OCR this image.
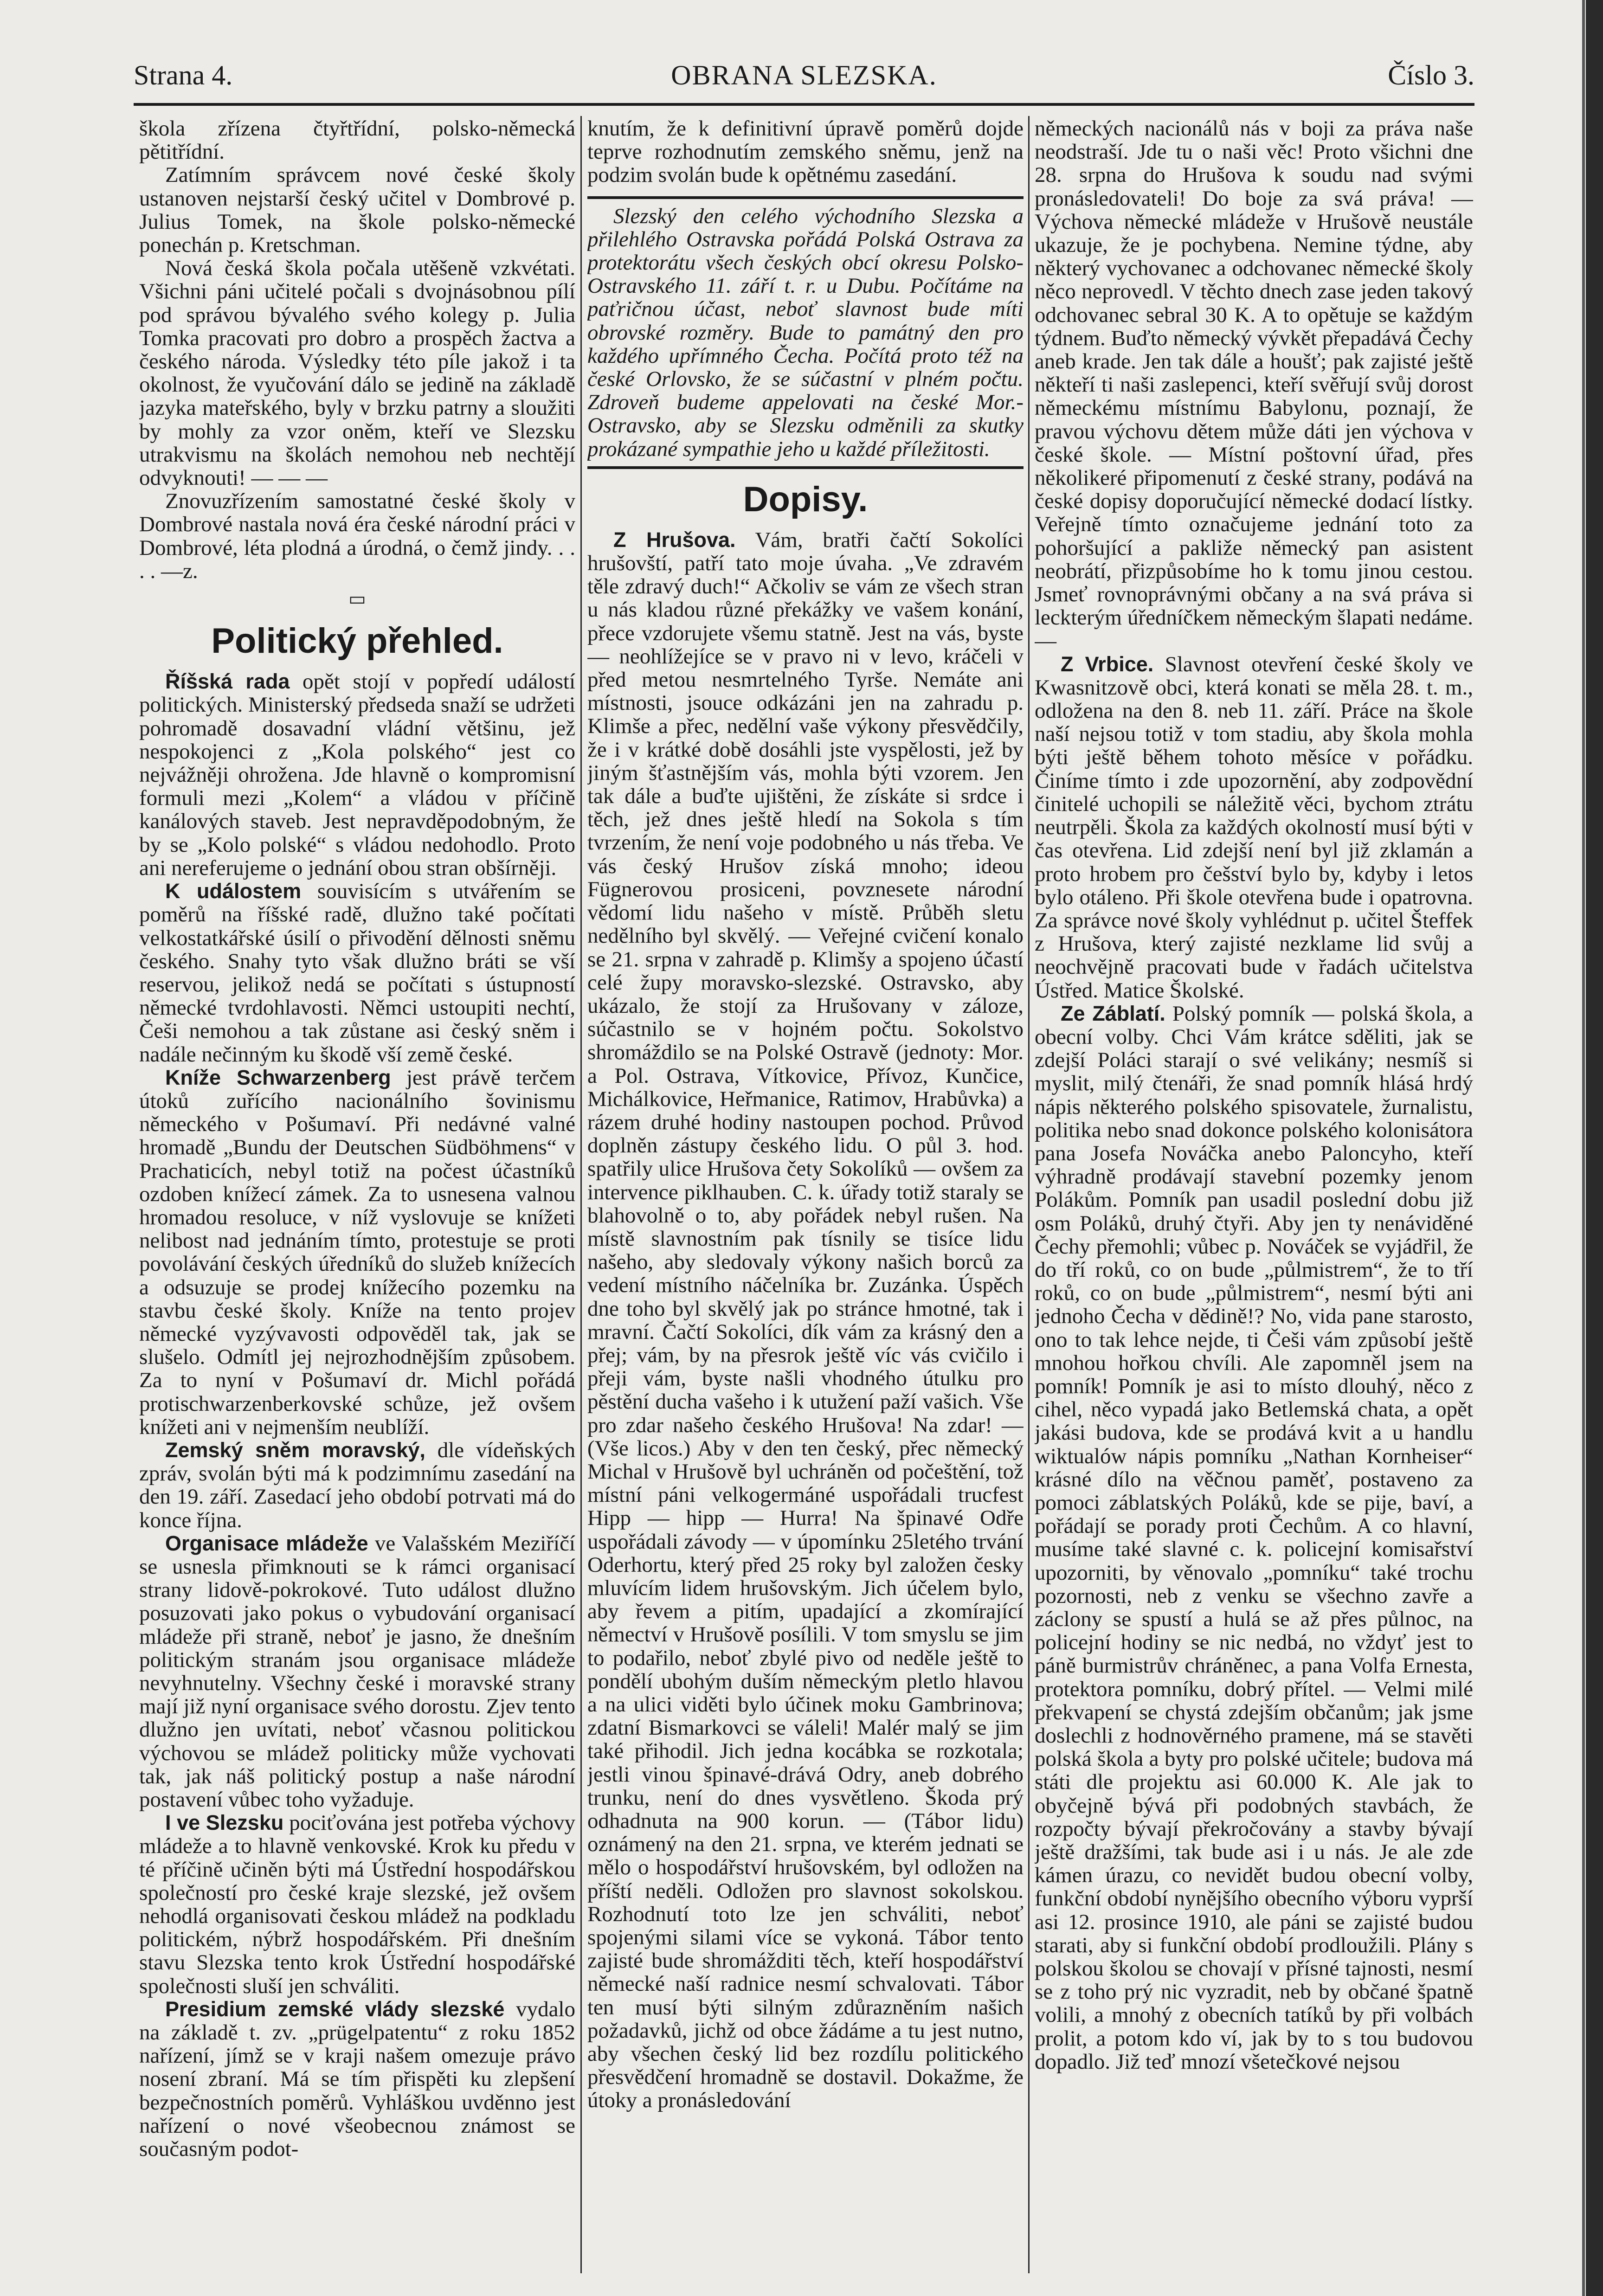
Strana 4.	OBRANA SLEZSKA.	Číslo 3.

škola zřízena čtyřtřídní, polsko-německá pětitřídní.

Zatímním správcem nové české školy ustanoven nejstarší český učitel v Dombrové p. Julius Tomek, na škole polsko-německé ponechán p. Kretschman.

Nová česká škola počala utěšeně vzkvétati. Všichni páni učitelé počali s dvojnásobnou pílí pod správou bývalého svého kolegy p. Julia Tomka pracovati pro dobro a prospěch žactva a českého národa. Výsledky této píle jakož i ta okolnost, že vyučování dálo se jedině na základě jazyka mateřského, byly v brzku patrny a sloužiti by mohly za vzor oněm, kteří ve Slezsku utrakvismu na školách nemohou neb nechtějí odvyknouti! — — —

Znovuzřízením samostatné české školy v Dombrové nastala nová éra české národní práci v Dombrové, léta plodná a úrodná, o čemž jindy. . . . . —z.

▭

Politický přehled.

Říšská rada opět stojí v popředí událostí politických. Ministerský předseda snaží se udržeti pohromadě dosavadní vládní většinu, jež nespokojenci z „Kola polského“ jest co nejvážněji ohrožena. Jde hlavně o kompromisní formuli mezi „Kolem“ a vládou v příčině kanálových staveb. Jest nepravděpodobným, že by se „Kolo polské“ s vládou nedohodlo. Proto ani nereferujeme o jednání obou stran obšírněji.

K událostem souvisícím s utvářením se poměrů na říšské radě, dlužno také počítati velkostatkářské úsilí o přivodění dělnosti sněmu českého. Snahy tyto však dlužno bráti se vší reservou, jelikož nedá se počítati s ústupností německé tvrdohlavosti. Němci ustoupiti nechtí, Češi nemohou a tak zůstane asi český sněm i nadále nečinným ku škodě vší země české.

Kníže Schwarzenberg jest právě terčem útoků zuřícího nacionálního šovinismu německého v Pošumaví. Při nedávné valné hromadě „Bundu der Deutschen Südböhmens“ v Prachaticích, nebyl totiž na počest účastníků ozdoben knížecí zámek. Za to usnesena valnou hromadou resoluce, v níž vyslovuje se knížeti nelibost nad jednáním tímto, protestuje se proti povolávání českých úředníků do služeb knížecích a odsuzuje se prodej knížecího pozemku na stavbu české školy. Kníže na tento projev německé vyzývavosti odpověděl tak, jak se slušelo. Odmítl jej nejrozhodnějším způsobem. Za to nyní v Pošumaví dr. Michl pořádá protischwarzenberkovské schůze, jež ovšem knížeti ani v nejmenším neublíží.

Zemský sněm moravský, dle vídeňských zpráv, svolán býti má k podzimnímu zasedání na den 19. září. Zasedací jeho období potrvati má do konce října.

Organisace mládeže ve Valašském Meziříčí se usnesla přimknouti se k rámci organisací strany lidově-pokrokové. Tuto událost dlužno posuzovati jako pokus o vybudování organisací mládeže při straně, neboť je jasno, že dnešním politickým stranám jsou organisace mládeže nevyhnutelny. Všechny české i moravské strany mají již nyní organisace svého dorostu. Zjev tento dlužno jen uvítati, neboť včasnou politickou výchovou se mládež politicky může vychovati tak, jak náš politický postup a naše národní postavení vůbec toho vyžaduje.

I ve Slezsku pociťována jest potřeba výchovy mládeže a to hlavně venkovské. Krok ku předu v té příčině učiněn býti má Ústřední hospodářskou společností pro české kraje slezské, jež ovšem nehodlá organisovati českou mládež na podkladu politickém, nýbrž hospodářském. Při dnešním stavu Slezska tento krok Ústřední hospodářské společnosti sluší jen schváliti.

Presidium zemské vlády slezské vydalo na základě t. zv. „prügelpatentu“ z roku 1852 nařízení, jímž se v kraji našem omezuje právo nosení zbraní. Má se tím přispěti ku zlepšení bezpečnostních poměrů. Vyhláškou uvděnno jest nařízení o nové všeobecnou známost se současným podot-

knutím, že k definitivní úpravě poměrů dojde teprve rozhodnutím zemského sněmu, jenž na podzim svolán bude k opětnému zasedání.

Slezský den celého východního Slezska a přilehlého Ostravska pořádá Polská Ostrava za protektorátu všech českých obcí okresu Polsko-Ostravského 11. září t. r. u Dubu. Počítáme na paťričnou účast, neboť slavnost bude míti obrovské rozměry. Bude to památný den pro každého upřímného Čecha. Počítá proto též na české Orlovsko, že se súčastní v plném počtu. Zdroveň budeme appelovati na české Mor.-Ostravsko, aby se Slezsku odměnili za skutky prokázané sympathie jeho u každé příležitosti.

Dopisy.

Z Hrušova. Vám, bratři čačtí Sokolíci hrušovští, patří tato moje úvaha. „Ve zdravém těle zdravý duch!“ Ačkoliv se vám ze všech stran u nás kladou různé překážky ve vašem konání, přece vzdorujete všemu statně. Jest na vás, byste — neohlížejíce se v pravo ni v levo, kráčeli v před metou nesmrtelného Tyrše. Nemáte ani místnosti, jsouce odkázáni jen na zahradu p. Klimše a přec, nedělní vaše výkony přesvědčily, že i v krátké době dosáhli jste vyspělosti, jež by jiným šťastnějším vás, mohla býti vzorem. Jen tak dále a buďte ujištěni, že získáte si srdce i těch, jež dnes ještě hledí na Sokola s tím tvrzením, že není voje podobného u nás třeba. Ve vás český Hrušov získá mnoho; ideou Fügnerovou prosiceni, povznesete národní vědomí lidu našeho v místě. Průběh sletu nedělního byl skvělý. — Veřejné cvičení konalo se 21. srpna v zahradě p. Klimšy a spojeno účastí celé župy moravsko-slezské. Ostravsko, aby ukázalo, že stojí za Hrušovany v záloze, súčastnilo se v hojném počtu. Sokolstvo shromáždilo se na Polské Ostravě (jednoty: Mor. a Pol. Ostrava, Vítkovice, Přívoz, Kunčice, Michálkovice, Heřmanice, Ratimov, Hrabůvka) a rázem druhé hodiny nastoupen pochod. Průvod doplněn zástupy českého lidu. O půl 3. hod. spatřily ulice Hrušova čety Sokolíků — ovšem za intervence piklhauben. C. k. úřady totiž staraly se blahovolně o to, aby pořádek nebyl rušen. Na místě slavnostním pak tísnily se tisíce lidu našeho, aby sledovaly výkony našich borců za vedení místního náčelníka br. Zuzánka. Úspěch dne toho byl skvělý jak po stránce hmotné, tak i mravní. Čačtí Sokolíci, dík vám za krásný den a přej; vám, by na přesrok ještě víc vás cvičilo i přeji vám, byste našli vhodného útulku pro pěstění ducha vašeho i k utužení paží vašich. Vše pro zdar našeho českého Hrušova! Na zdar! — (Vše licos.) Aby v den ten český, přec německý Michal v Hrušově byl uchráněn od počeštění, tož místní páni velkogermáné uspořádali trucfest Hipp — hipp — Hurra! Na špinavé Odře uspořádali závody — v úpomínku 25letého trvání Oderhortu, který před 25 roky byl založen česky mluvícím lidem hrušovským. Jich účelem bylo, aby řevem a pitím, upadající a zkomírající němectví v Hrušově posílili. V tom smyslu se jim to podařilo, neboť zbylé pivo od neděle ještě to pondělí ubohým duším německým pletlo hlavou a na ulici viděti bylo účinek moku Gambrinova; zdatní Bismarkovci se váleli! Malér malý se jim také přihodil. Jich jedna kocábka se rozkotala; jestli vinou špinavé-drává Odry, aneb dobrého trunku, není do dnes vysvětleno. Škoda prý odhadnuta na 900 korun. — (Tábor lidu) oznámený na den 21. srpna, ve kterém jednati se mělo o hospodářství hrušovském, byl odložen na příští neděli. Odložen pro slavnost sokolskou. Rozhodnutí toto lze jen schváliti, neboť spojenými silami více se vykoná. Tábor tento zajisté bude shromážditi těch, kteří hospodářství německé naší radnice nesmí schvalovati. Tábor ten musí býti silným zdůrazněním našich požadavků, jichž od obce žádáme a tu jest nutno, aby všechen český lid bez rozdílu politického přesvědčení hromadně se dostavil. Dokažme, že útoky a pronásledování

německých nacionálů nás v boji za práva naše neodstraší. Jde tu o naši věc! Proto všichni dne 28. srpna do Hrušova k soudu nad svými pronásledovateli! Do boje za svá práva! — Výchova německé mládeže v Hrušově neustále ukazuje, že je pochybena. Nemine týdne, aby některý vychovanec a odchovanec německé školy něco neprovedl. V těchto dnech zase jeden takový odchovanec sebral 30 K. A to opětuje se každým týdnem. Buďto německý vývkět přepadává Čechy aneb krade. Jen tak dále a houšť; pak zajisté ještě někteří ti naši zaslepenci, kteří svěřují svůj dorost německému místnímu Babylonu, poznají, že pravou výchovu dětem může dáti jen výchova v české škole. — Místní poštovní úřad, přes několikeré připomenutí z české strany, podává na české dopisy doporučující německé dodací lístky. Veřejně tímto označujeme jednání toto za pohoršující a pakliže německý pan asistent neobrátí, přizpůsobíme ho k tomu jinou cestou. Jsmeť rovnoprávnými občany a na svá práva si leckterým úředníčkem německým šlapati nedáme. —

Z Vrbice. Slavnost otevření české školy ve Kwasnitzově obci, která konati se měla 28. t. m., odložena na den 8. neb 11. září. Práce na škole naší nejsou totiž v tom stadiu, aby škola mohla býti ještě během tohoto měsíce v pořádku. Činíme tímto i zde upozornění, aby zodpovědní činitelé uchopili se náležitě věci, bychom ztrátu neutrpěli. Škola za každých okolností musí býti v čas otevřena. Lid zdejší není byl již zklamán a proto hrobem pro češství bylo by, kdyby i letos bylo otáleno. Při škole otevřena bude i opatrovna. Za správce nové školy vyhlédnut p. učitel Šteffek z Hrušova, který zajisté nezklame lid svůj a neochvějně pracovati bude v řadách učitelstva Ústřed. Matice Školské.

Ze Záblatí. Polský pomník — polská škola, a obecní volby. Chci Vám krátce sděliti, jak se zdejší Poláci starají o své velikány; nesmíš si myslit, milý čtenáři, že snad pomník hlásá hrdý nápis některého polského spisovatele, žurnalistu, politika nebo snad dokonce polského kolonisátora pana Josefa Nováčka anebo Paloncyho, kteří výhradně prodávají stavební pozemky jenom Polákům. Pomník pan usadil poslední dobu již osm Poláků, druhý čtyři. Aby jen ty nenáviděné Čechy přemohli; vůbec p. Nováček se vyjádřil, že do tří roků, co on bude „půlmistrem“, že to tří roků, co on bude „půlmistrem“, nesmí býti ani jednoho Čecha v dědině!? No, vida pane starosto, ono to tak lehce nejde, ti Češi vám způsobí ještě mnohou hořkou chvíli. Ale zapomněl jsem na pomník! Pomník je asi to místo dlouhý, něco z cihel, něco vypadá jako Betlemská chata, a opět jakási budova, kde se prodává kvit a u handlu wiktualów nápis pomníku „Nathan Kornheiser“ krásné dílo na věčnou paměť, postaveno za pomoci záblatských Poláků, kde se pije, baví, a pořádají se porady proti Čechům. A co hlavní, musíme také slavné c. k. policejní komisařství upozorniti, by věnovalo „pomníku“ také trochu pozornosti, neb z venku se všechno zavře a záclony se spustí a hulá se až přes půlnoc, na policejní hodiny se nic nedbá, no vždyť jest to páně burmistrův chráněnec, a pana Volfa Ernesta, protektora pomníku, dobrý přítel. — Velmi milé překvapení se chystá zdejším občanům; jak jsme doslechli z hodnověrného pramene, má se stavěti polská škola a byty pro polské učitele; budova má státi dle projektu asi 60.000 K. Ale jak to obyčejně bývá při podobných stavbách, že rozpočty bývají překročovány a stavby bývají ještě dražšími, tak bude asi i u nás. Je ale zde kámen úrazu, co nevidět budou obecní volby, funkční období nynějšího obecního výboru vyprší asi 12. prosince 1910, ale páni se zajisté budou starati, aby si funkční období prodloužili. Plány s polskou školou se chovají v přísné tajnosti, nesmí se z toho prý nic vyzradit, neb by občané špatně volili, a mnohý z obecních tatíků by při volbách prolit, a potom kdo ví, jak by to s tou budovou dopadlo. Již teď mnozí všetečkové nejsou
